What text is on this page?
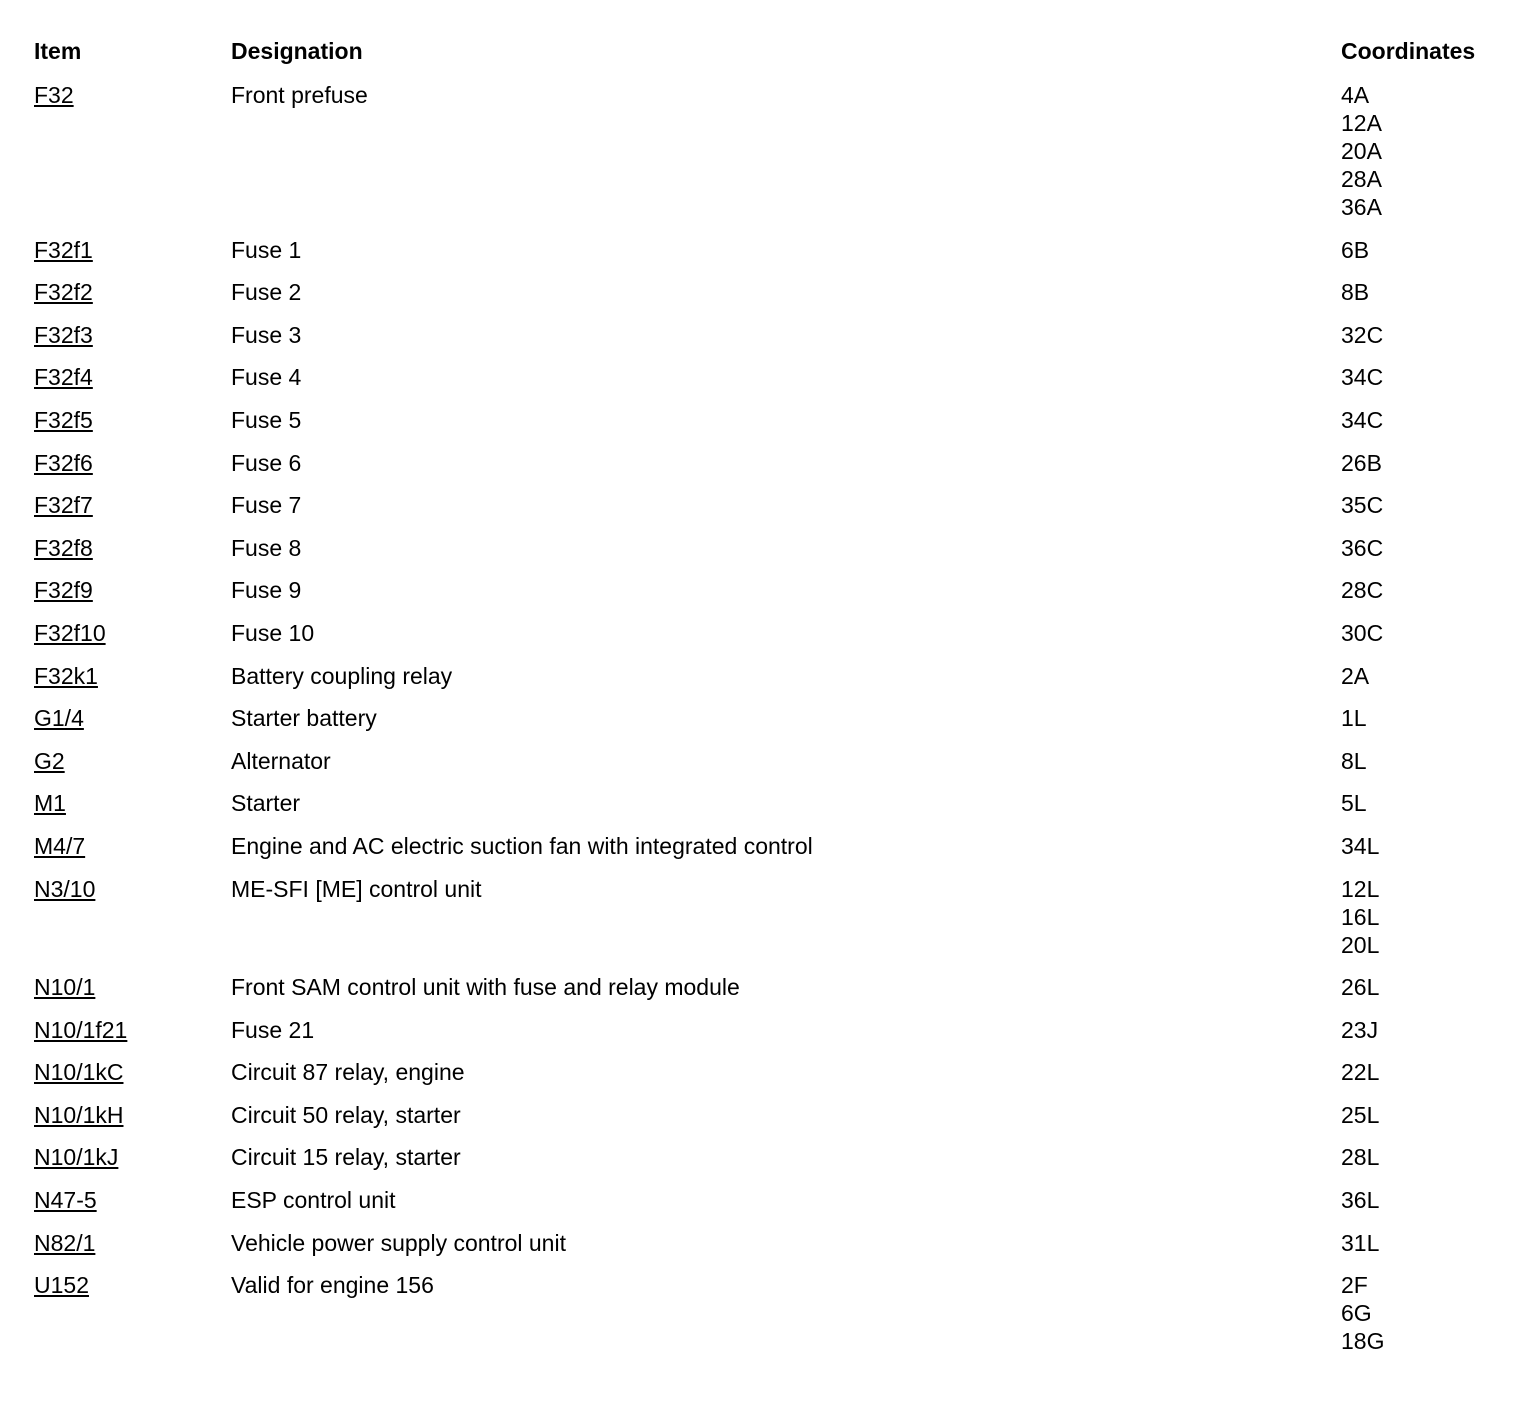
Item	Designation	Coordinates
F32	Front prefuse	4A
12A
20A
28A
36A
F32f1	Fuse 1	6B
F32f2	Fuse 2	8B
F32f3	Fuse 3	32C
F32f4	Fuse 4	34C
F32f5	Fuse 5	34C
F32f6	Fuse 6	26B
F32f7	Fuse 7	35C
F32f8	Fuse 8	36C
F32f9	Fuse 9	28C
F32f10	Fuse 10	30C
F32k1	Battery coupling relay	2A
G1/4	Starter battery	1L
G2	Alternator	8L
M1	Starter	5L
M4/7	Engine and AC electric suction fan with integrated control	34L
N3/10	ME-SFI [ME] control unit	12L
16L
20L
N10/1	Front SAM control unit with fuse and relay module	26L
N10/1f21	Fuse 21	23J
N10/1kC	Circuit 87 relay, engine	22L
N10/1kH	Circuit 50 relay, starter	25L
N10/1kJ	Circuit 15 relay, starter	28L
N47-5	ESP control unit	36L
N82/1	Vehicle power supply control unit	31L
U152	Valid for engine 156	2F
6G
18G
